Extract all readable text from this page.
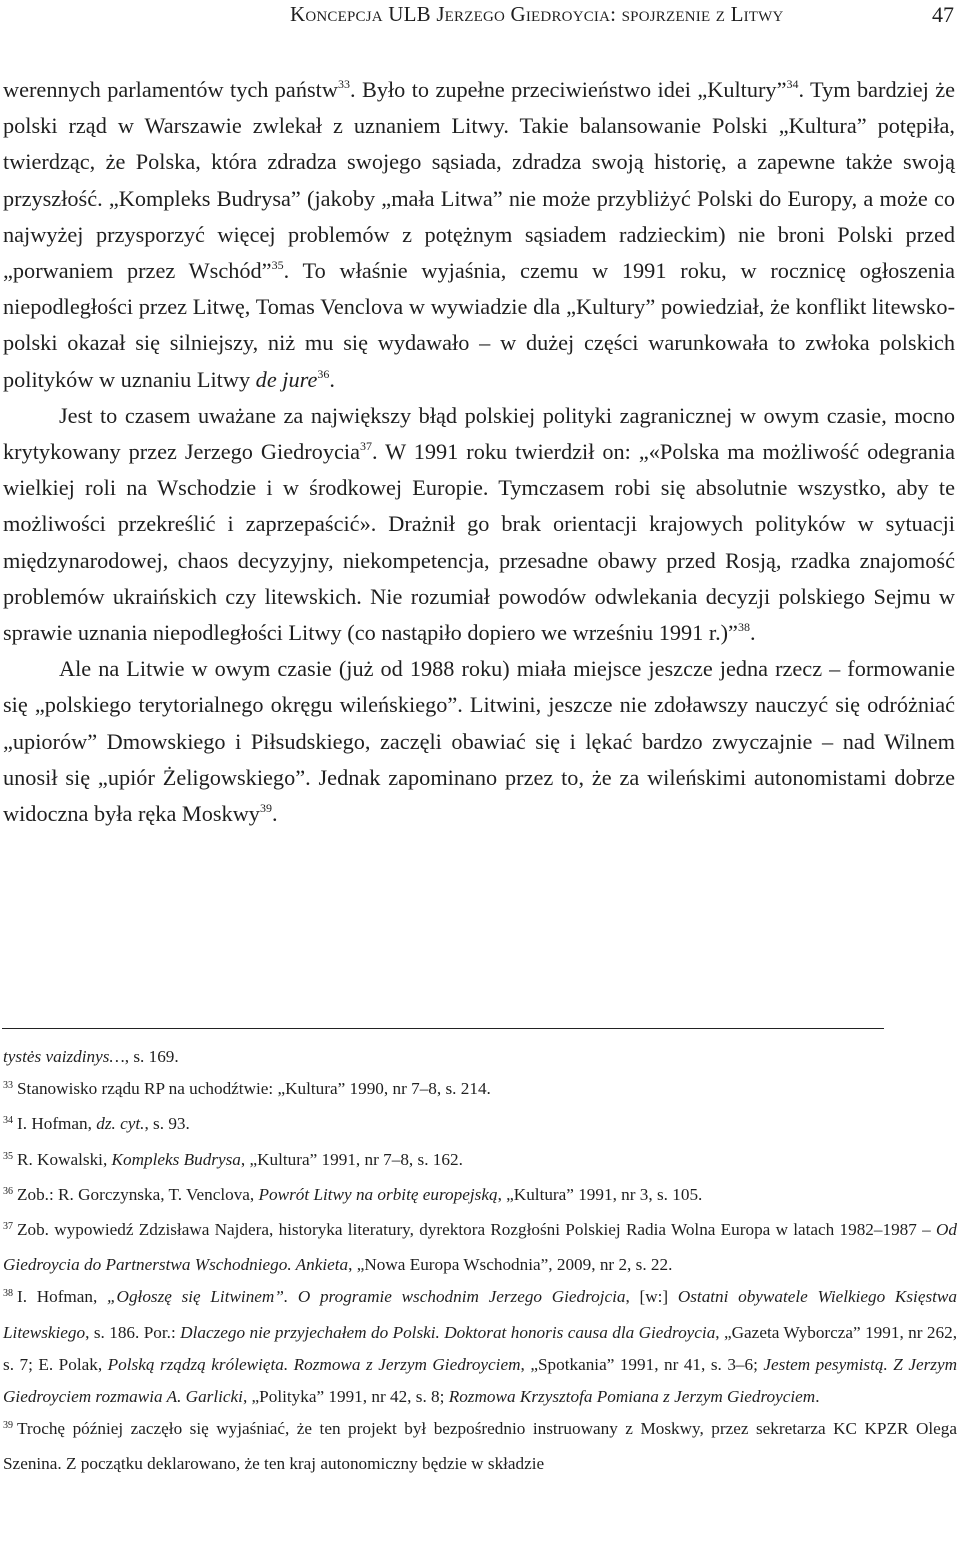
Koncepcja ULB Jerzego Giedroycia: spojrzenie z Litwy	47

werennych parlamentów tych państw$^{33}$. Było to zupełne przeciwieństwo idei „Kultury”$^{34}$. Tym bardziej że polski rząd w Warszawie zwlekał z uznaniem Litwy. Takie balansowanie Polski „Kultura” potępiła, twierdząc, że Polska, która zdradza swojego sąsiada, zdradza swoją historię, a zapewne także swoją przyszłość. „Kompleks Budrysa” (jakoby „mała Litwa” nie może przybliżyć Polski do Europy, a może co najwyżej przysporzyć więcej problemów z potężnym sąsiadem radzieckim) nie broni Polski przed „porwaniem przez Wschód”$^{35}$. To właśnie wyjaśnia, czemu w 1991 roku, w rocznicę ogłoszenia niepodległości przez Litwę, Tomas Venclova w wywiadzie dla „Kultury” powiedział, że konflikt litewsko-polski okazał się silniejszy, niż mu się wydawało – w dużej części warunkowała to zwłoka polskich polityków w uznaniu Litwy de jure$^{36}$.

Jest to czasem uważane za największy błąd polskiej polityki zagranicznej w owym czasie, mocno krytykowany przez Jerzego Giedroycia$^{37}$. W 1991 roku twierdził on: „«Polska ma możliwość odegrania wielkiej roli na Wschodzie i w środkowej Europie. Tymczasem robi się absolutnie wszystko, aby te możliwości przekreślić i zaprzepaścić». Drażnił go brak orientacji krajowych polityków w sytuacji międzynarodowej, chaos decyzyjny, niekompetencja, przesadne obawy przed Rosją, rzadka znajomość problemów ukraińskich czy litewskich. Nie rozumiał powodów odwlekania decyzji polskiego Sejmu w sprawie uznania niepodległości Litwy (co nastąpiło dopiero we wrześniu 1991 r.)”$^{38}$.

Ale na Litwie w owym czasie (już od 1988 roku) miała miejsce jeszcze jedna rzecz – formowanie się „polskiego terytorialnego okręgu wileńskiego”. Litwini, jeszcze nie zdoławszy nauczyć się odróżniać „upiorów” Dmowskiego i Piłsudskiego, zaczęli obawiać się i lękać bardzo zwyczajnie – nad Wilnem unosił się „upiór Żeligowskiego”. Jednak zapominano przez to, że za wileńskimi autonomistami dobrze widoczna była ręka Moskwy$^{39}$.

tystės vaizdinys…, s. 169.

$^{33}$ Stanowisko rządu RP na uchodźtwie: „Kultura” 1990, nr 7–8, s. 214.

$^{34}$ I. Hofman, dz. cyt., s. 93.

$^{35}$ R. Kowalski, Kompleks Budrysa, „Kultura” 1991, nr 7–8, s. 162.

$^{36}$ Zob.: R. Gorczynska, T. Venclova, Powrót Litwy na orbitę europejską, „Kultura” 1991, nr 3, s. 105.

$^{37}$ Zob. wypowiedź Zdzisława Najdera, historyka literatury, dyrektora Rozgłośni Polskiej Radia Wolna Europa w latach 1982–1987 – Od Giedroycia do Partnerstwa Wschodniego. Ankieta, „Nowa Europa Wschodnia”, 2009, nr 2, s. 22.

$^{38}$ I. Hofman, „Ogłoszę się Litwinem”. O programie wschodnim Jerzego Giedrojcia, [w:] Ostatni obywatele Wielkiego Księstwa Litewskiego, s. 186. Por.: Dlaczego nie przyjechałem do Polski. Doktorat honoris causa dla Giedroycia, „Gazeta Wyborcza” 1991, nr 262, s. 7; E. Polak, Polską rządzą królewięta. Rozmowa z Jerzym Giedroyciem, „Spotkania” 1991, nr 41, s. 3–6; Jestem pesymistą. Z Jerzym Giedroyciem rozmawia A. Garlicki, „Polityka” 1991, nr 42, s. 8; Rozmowa Krzysztofa Pomiana z Jerzym Giedroyciem.

$^{39}$ Trochę później zaczęło się wyjaśniać, że ten projekt był bezpośrednio instruowany z Moskwy, przez sekretarza KC KPZR Olega Szenina. Z początku deklarowano, że ten kraj autonomiczny będzie w składzie
